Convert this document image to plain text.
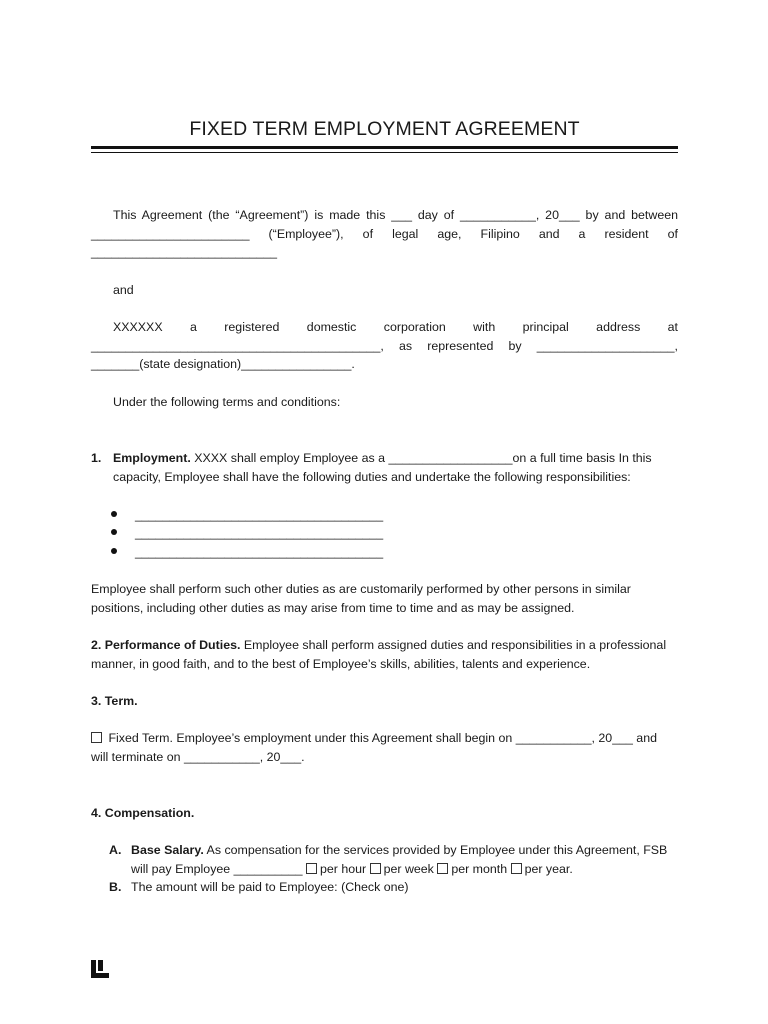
FIXED TERM EMPLOYMENT AGREEMENT
This Agreement (the “Agreement”) is made this ___ day of ___________, 20___ by and between
_______________________ (“Employee”), of legal age, Filipino and a resident of
___________________________
and
XXXXXX a registered domestic corporation with principal address at
__________________________________________, as represented by ____________________,
_______(state designation)________________.
Under the following terms and conditions:
1. Employment. XXXX shall employ Employee as a __________________on a full time basis In this
capacity, Employee shall have the following duties and undertake the following responsibilities:
____________________________________
____________________________________
____________________________________
Employee shall perform such other duties as are customarily performed by other persons in similar
positions, including other duties as may arise from time to time and as may be assigned.
2. Performance of Duties. Employee shall perform assigned duties and responsibilities in a professional
manner, in good faith, and to the best of Employee’s skills, abilities, talents and experience.
3. Term.
Fixed Term. Employee’s employment under this Agreement shall begin on ___________, 20___ and
will terminate on ___________, 20___.
4. Compensation.
A. Base Salary. As compensation for the services provided by Employee under this Agreement, FSB
will pay Employee __________ per hour per week per month per year.
B. The amount will be paid to Employee: (Check one)
